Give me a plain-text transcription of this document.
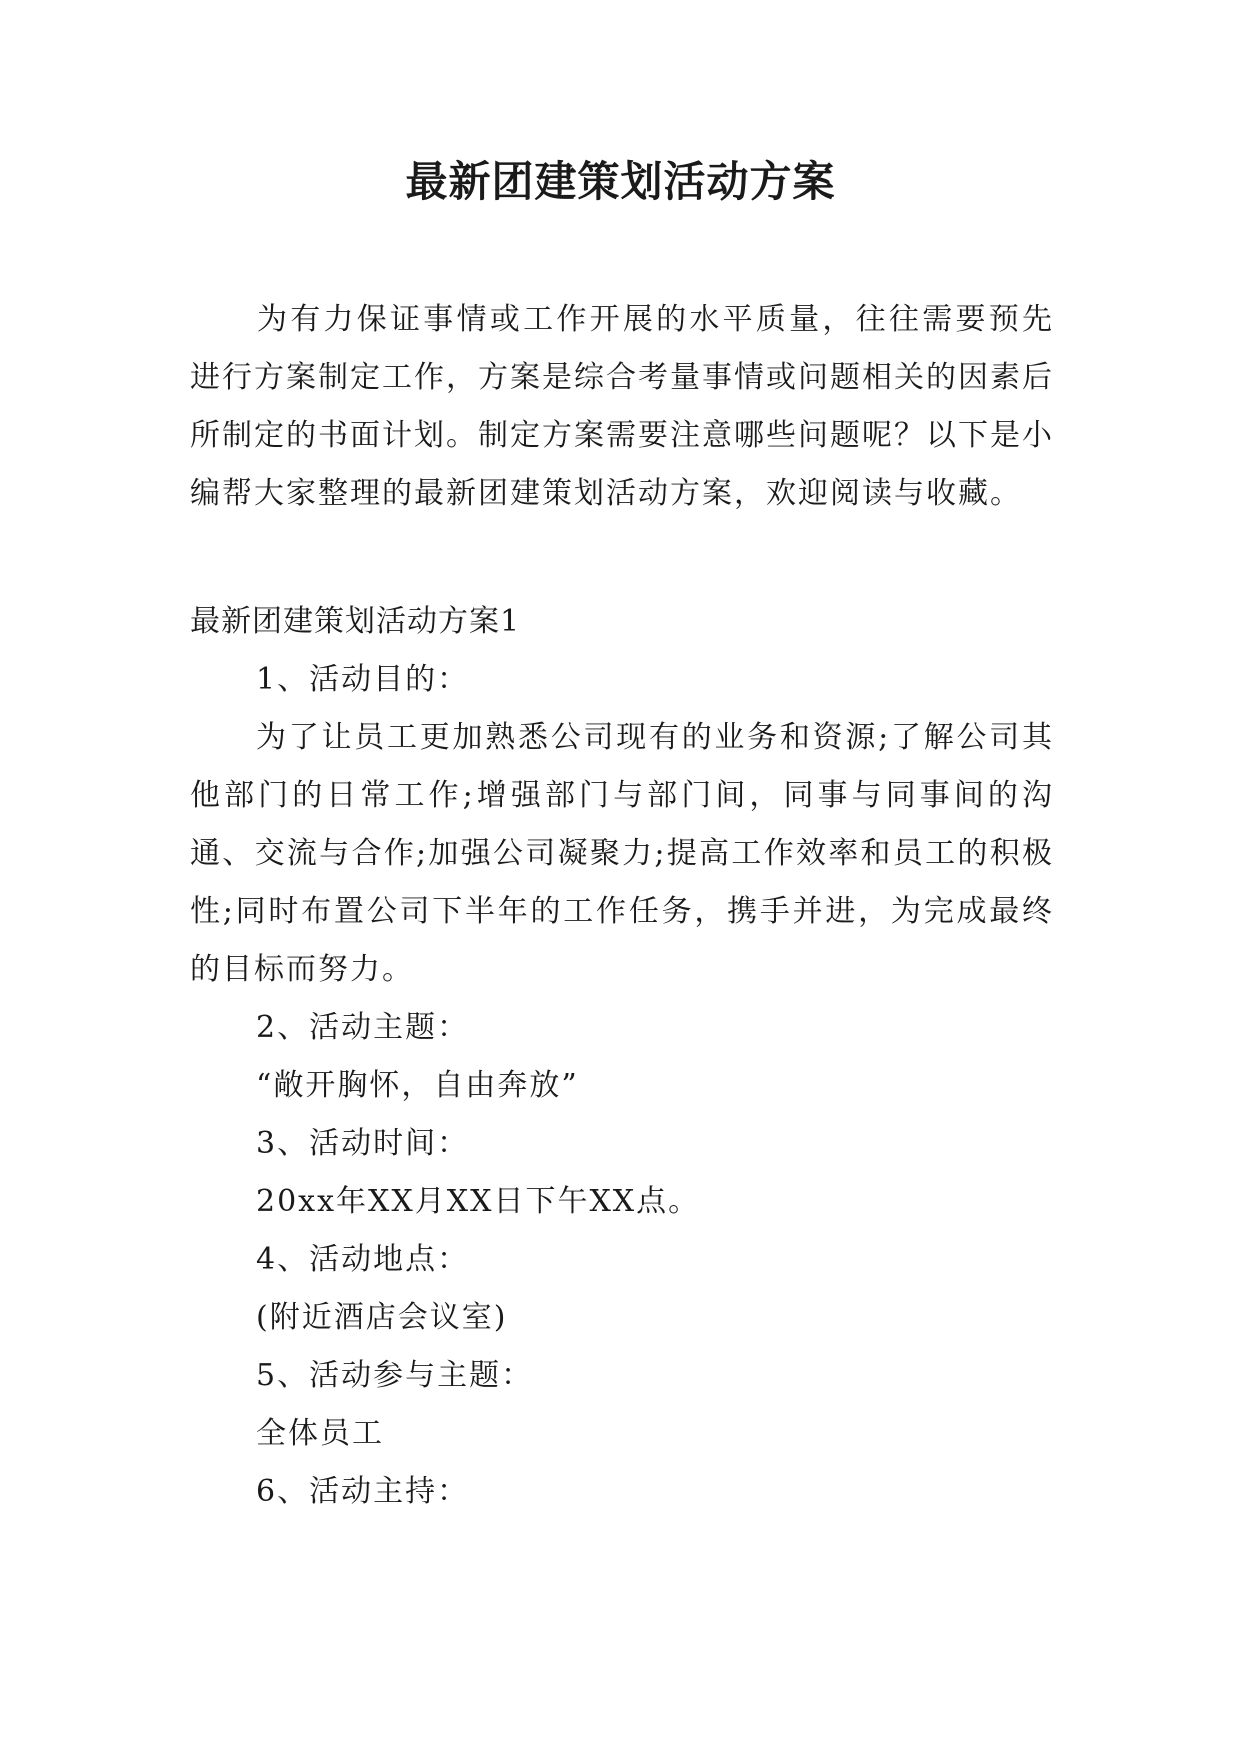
最新团建策划活动方案

为有力保证事情或工作开展的水平质量，往往需要预先进行方案制定工作，方案是综合考量事情或问题相关的因素后所制定的书面计划。制定方案需要注意哪些问题呢？以下是小编帮大家整理的最新团建策划活动方案，欢迎阅读与收藏。

最新团建策划活动方案1

1、活动目的：

为了让员工更加熟悉公司现有的业务和资源;了解公司其他部门的日常工作;增强部门与部门间，同事与同事间的沟通、交流与合作;加强公司凝聚力;提高工作效率和员工的积极性;同时布置公司下半年的工作任务，携手并进，为完成最终的目标而努力。

2、活动主题：

“敞开胸怀，自由奔放”

3、活动时间：

20xx年XX月XX日下午XX点。

4、活动地点：

(附近酒店会议室)

5、活动参与主题：

全体员工

6、活动主持：
